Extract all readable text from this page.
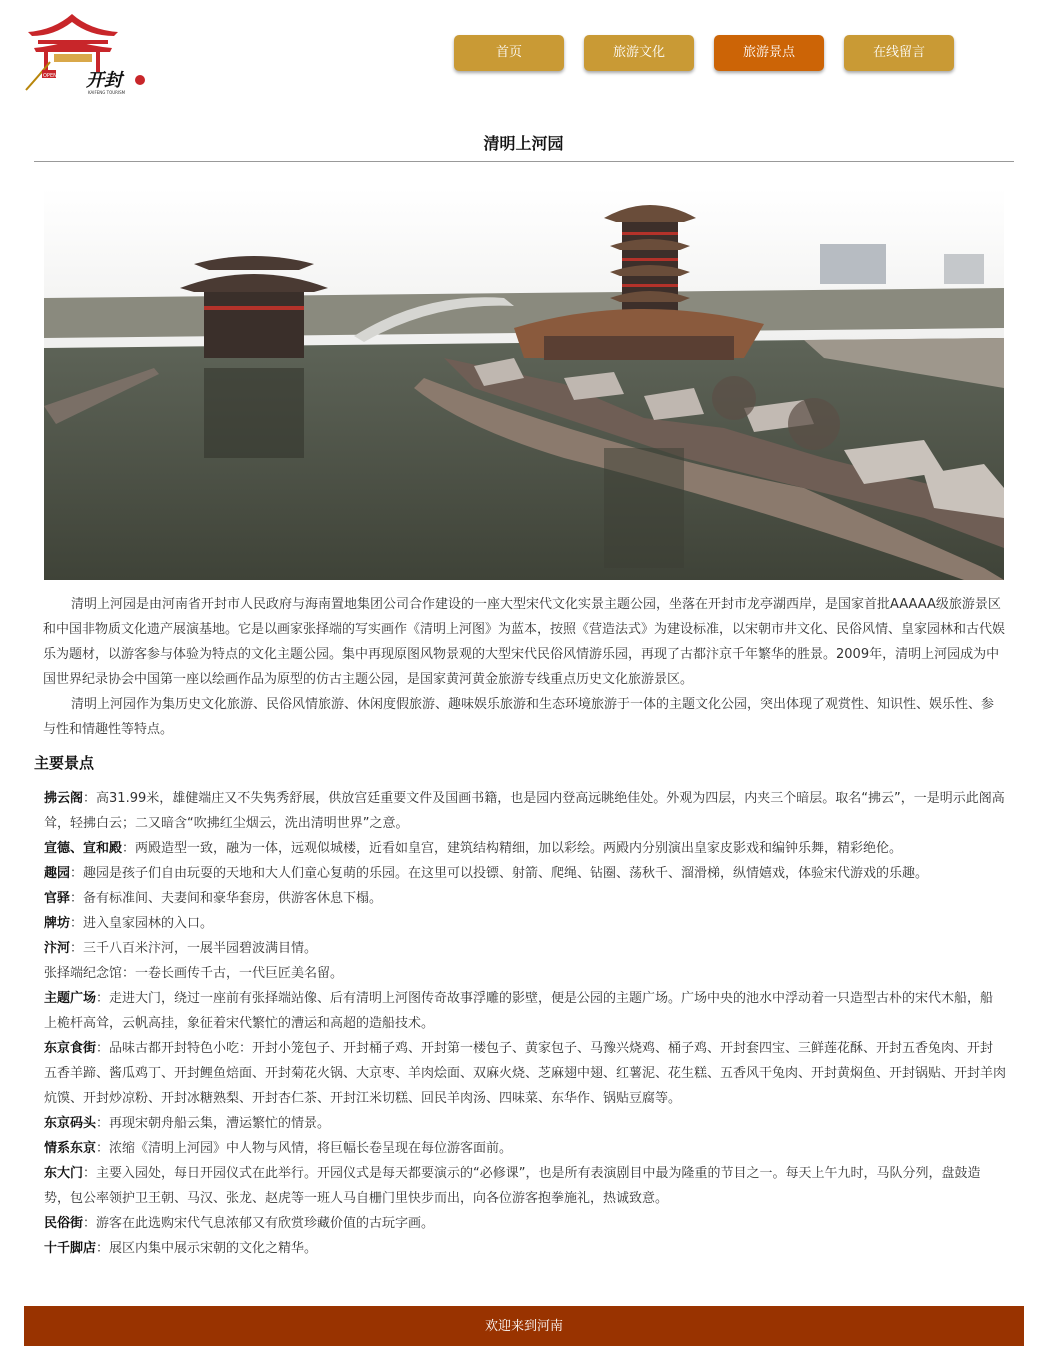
OPEN 开封
KAIFENG TOURISM
首页	旅游文化	旅游景点	在线留言
清明上河园

清明上河园是由河南省开封市人民政府与海南置地集团公司合作建设的一座大型宋代文化实景主题公园，坐落在开封市龙亭湖西岸，是国家首批AAAAA级旅游景区和中国非物质文化遗产展演基地。它是以画家张择端的写实画作《清明上河图》为蓝本，按照《营造法式》为建设标准，以宋朝市井文化、民俗风情、皇家园林和古代娱乐为题材，以游客参与体验为特点的文化主题公园。集中再现原图风物景观的大型宋代民俗风情游乐园，再现了古都汴京千年繁华的胜景。2009年，清明上河园成为中国世界纪录协会中国第一座以绘画作品为原型的仿古主题公园，是国家黄河黄金旅游专线重点历史文化旅游景区。

清明上河园作为集历史文化旅游、民俗风情旅游、休闲度假旅游、趣味娱乐旅游和生态环境旅游于一体的主题文化公园，突出体现了观赏性、知识性、娱乐性、参与性和情趣性等特点。

主要景点

拂云阁：高31.99米，雄健端庄又不失隽秀舒展，供放宫廷重要文件及国画书籍，也是园内登高远眺绝佳处。外观为四层，内夹三个暗层。取名“拂云”，一是明示此阁高耸，轻拂白云；二又暗含“吹拂红尘烟云，洗出清明世界”之意。

宣德、宣和殿：两殿造型一致，融为一体，远观似城楼，近看如皇宫，建筑结构精细，加以彩绘。两殿内分别演出皇家皮影戏和编钟乐舞，精彩绝伦。

趣园：趣园是孩子们自由玩耍的天地和大人们童心复萌的乐园。在这里可以投镖、射箭、爬绳、钻圈、荡秋千、溜滑梯，纵情嬉戏，体验宋代游戏的乐趣。

官驿：备有标准间、夫妻间和豪华套房，供游客休息下榻。

牌坊：进入皇家园林的入口。

汴河：三千八百米汴河，一展半园碧波满目情。

张择端纪念馆：一卷长画传千古，一代巨匠美名留。

主题广场：走进大门，绕过一座前有张择端站像、后有清明上河图传奇故事浮雕的影壁，便是公园的主题广场。广场中央的池水中浮动着一只造型古朴的宋代木船，船上桅杆高耸，云帆高挂，象征着宋代繁忙的漕运和高超的造船技术。

东京食街：品味古都开封特色小吃：开封小笼包子、开封桶子鸡、开封第一楼包子、黄家包子、马豫兴烧鸡、桶子鸡、开封套四宝、三鲜莲花酥、开封五香兔肉、开封五香羊蹄、酱瓜鸡丁、开封鲤鱼焙面、开封菊花火锅、大京枣、羊肉烩面、双麻火烧、芝麻翅中翅、红薯泥、花生糕、五香风干兔肉、开封黄焖鱼、开封锅贴、开封羊肉炕馍、开封炒凉粉、开封冰糖熟梨、开封杏仁茶、开封江米切糕、回民羊肉汤、四味菜、东华作、锅贴豆腐等。

东京码头：再现宋朝舟船云集，漕运繁忙的情景。

情系东京：浓缩《清明上河园》中人物与风情，将巨幅长卷呈现在每位游客面前。

东大门：主要入园处，每日开园仪式在此举行。开园仪式是每天都要演示的“必修课”，也是所有表演剧目中最为隆重的节目之一。每天上午九时，马队分列，盘鼓造势，包公率领护卫王朝、马汉、张龙、赵虎等一班人马自栅门里快步而出，向各位游客抱拳施礼，热诚致意。

民俗街：游客在此选购宋代气息浓郁又有欣赏珍藏价值的古玩字画。

十千脚店：展区内集中展示宋朝的文化之精华。

欢迎来到河南
